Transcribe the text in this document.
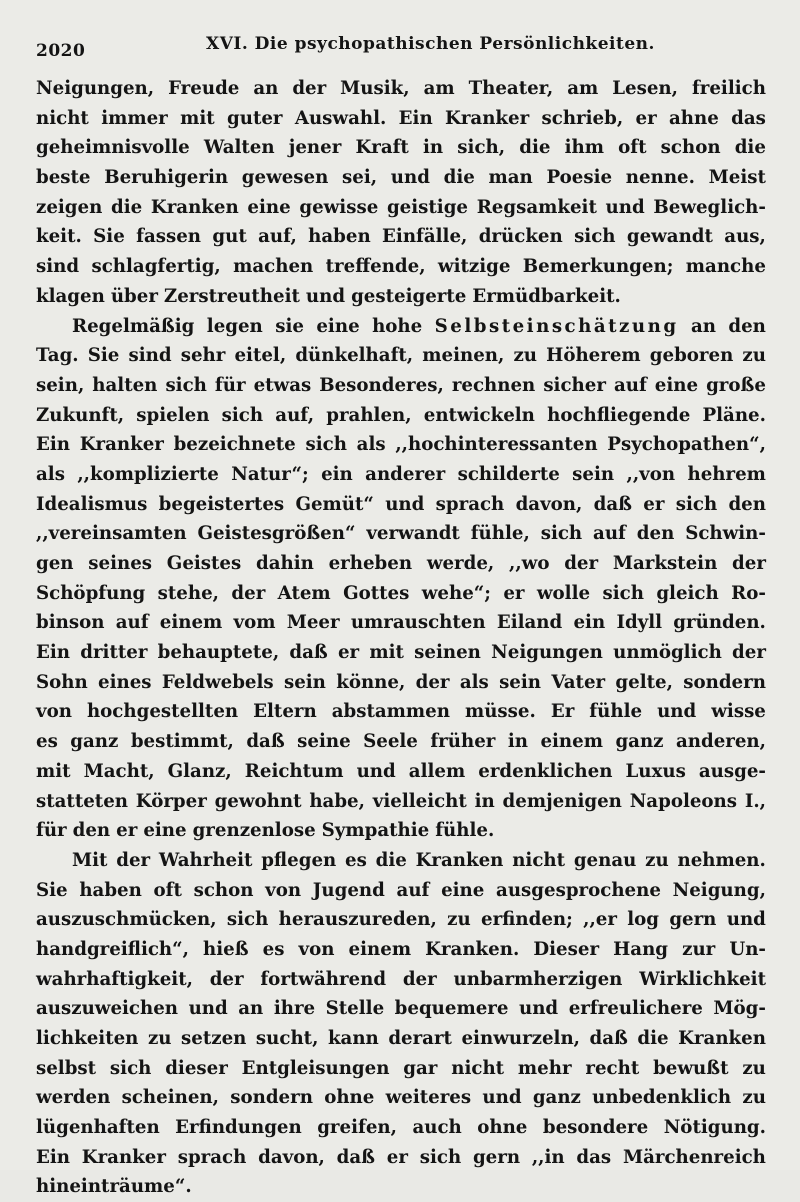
2020	XVI. Die psychopathischen Persönlichkeiten.
Neigungen, Freude an der Musik, am Theater, am Lesen, freilich
nicht immer mit guter Auswahl. Ein Kranker schrieb, er ahne das
geheimnisvolle Walten jener Kraft in sich, die ihm oft schon die
beste Beruhigerin gewesen sei, und die man Poesie nenne. Meist
zeigen die Kranken eine gewisse geistige Regsamkeit und Beweglich-
keit. Sie fassen gut auf, haben Einfälle, drücken sich gewandt aus,
sind schlagfertig, machen treffende, witzige Bemerkungen; manche
klagen über Zerstreutheit und gesteigerte Ermüdbarkeit.
Regelmäßig legen sie eine hohe Selbsteinschätzung an den
Tag. Sie sind sehr eitel, dünkelhaft, meinen, zu Höherem geboren zu
sein, halten sich für etwas Besonderes, rechnen sicher auf eine große
Zukunft, spielen sich auf, prahlen, entwickeln hochfliegende Pläne.
Ein Kranker bezeichnete sich als ,,hochinteressanten Psychopathen“,
als ,,komplizierte Natur“; ein anderer schilderte sein ,,von hehrem
Idealismus begeistertes Gemüt“ und sprach davon, daß er sich den
,,vereinsamten Geistesgrößen“ verwandt fühle, sich auf den Schwin-
gen seines Geistes dahin erheben werde, ,,wo der Markstein der
Schöpfung stehe, der Atem Gottes wehe“; er wolle sich gleich Ro-
binson auf einem vom Meer umrauschten Eiland ein Idyll gründen.
Ein dritter behauptete, daß er mit seinen Neigungen unmöglich der
Sohn eines Feldwebels sein könne, der als sein Vater gelte, sondern
von hochgestellten Eltern abstammen müsse. Er fühle und wisse
es ganz bestimmt, daß seine Seele früher in einem ganz anderen,
mit Macht, Glanz, Reichtum und allem erdenklichen Luxus ausge-
statteten Körper gewohnt habe, vielleicht in demjenigen Napoleons I.,
für den er eine grenzenlose Sympathie fühle.
Mit der Wahrheit pflegen es die Kranken nicht genau zu nehmen.
Sie haben oft schon von Jugend auf eine ausgesprochene Neigung,
auszuschmücken, sich herauszureden, zu erfinden; ,,er log gern und
handgreiflich“, hieß es von einem Kranken. Dieser Hang zur Un-
wahrhaftigkeit, der fortwährend der unbarmherzigen Wirklichkeit
auszuweichen und an ihre Stelle bequemere und erfreulichere Mög-
lichkeiten zu setzen sucht, kann derart einwurzeln, daß die Kranken
selbst sich dieser Entgleisungen gar nicht mehr recht bewußt zu
werden scheinen, sondern ohne weiteres und ganz unbedenklich zu
lügenhaften Erfindungen greifen, auch ohne besondere Nötigung.
Ein Kranker sprach davon, daß er sich gern ,,in das Märchenreich
hineinträume“.
